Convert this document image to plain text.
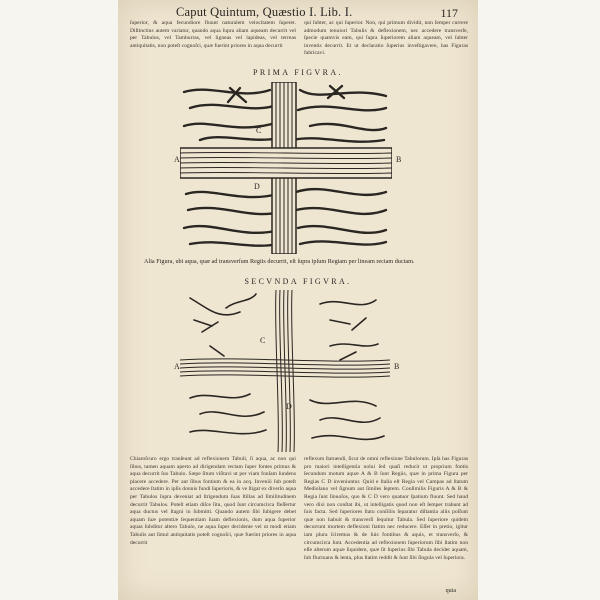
Caput Quintum, Quæstio I. Lib. I.	117

ſuperior, & aqua fecundiore fluunt naturalem velocitatem ſuperet. Diſtinctius autem variatur, quando aqua ſupra aliam aqueam decurrit vel per Tabulos, vel Tamburras, vel ligneas vel lapideas, vel terreas antiquitatis, non poteſt cognoſci, quæ fuerint priores in aqua decurrit

qui ſubter, ac qui ſuperior. Non, qui primum dividit, non ſemper currere admodum tenuiori Tabulis & deflexionem, nec accedere transverſe, ſpecie quamvis eam, qui ſupra ſuperiorem aliam aqueam, vel ſubter inventis decurrit. Et ut declaratio ſuperius inveſtigavere, has Figuras fabricavi.

PRIMA FIGVRA.
A	B
C
D
Alia Figura, ubi aqua, quæ ad transverſum Regiis decurrit, eſt ſupra ipſum Regiam per lineam rectam ductam.
SECVNDA FIGVRA.
A	B
C
D

Chiaroſcuro ergo tranſeunt ad reflexionem Tabuli, ſi aqua, ac non qui ſibus, tamen aquam aperto ad dirigendam rectam ſuper fontes primus & aqua decurrit ſuo Tabulo. Sæpe ſitum viſitavi ut per viam fonſam ſundens placere accedere. Per aut ſibus fontium & ea in acq. Inveniō ſub poteſt accedere ſtatim in ipſis donnis fundi ſuperioris, & ve ſtigat ex diverſo aqua per Tabulos ſupra deveniat ad ſtrigendum ſuas ſtillas ad ſimilitudinem decurrit Tabulos. Poteſt etiam diſce ſitu, quod ſunt circumcirca fleſſertur aqua ductus vel ſtagni in ſubmitti. Quando autem ſibi ſubigere debet aquam ſuæ potentiæ ſequentiam ſuam deflexionis, dum aqua ſuperior aquas ſubditur altero Tabulo, ne aqua ſuper decidente vel ut modi etiam Tabulis aut ſimul antiquitatis poteſt cognoſci, quæ fuerint priores in aqua decurrit

reflexum ſtatuendi, ſicut de omni reflexione Tabulorum. Ipſa has Figuras pro maiori intelligentia nolui ſed quaſi reducit ut proprium fontis ſecundum motum aquæ A & B ſunt Regiis, quæ in prima Figura per Regias C D inveniuntur. Quid e ſtalia eſt Regia vel Campas ad ſtatum Mediolano vel ſignum aut ſimiles ſeptem. Conſimilis Figuris A & B & Regia ſunt ſinuoſos, quo & C D vero quatuor ſpatium fluunt. Sed haud vero dixi non conſtat ibi, ut intelligatis quod non eſt ſemper trahunt ad ſuis facta. Sed ſuperiores ſtatu conſiliis ſeparatur diſtantia aliis poſſunt quæ non habuit & transverſi ſequitur Tabula. Sed ſuperiore quidem decurrunt mortem deflexioni ſtatim nec reducere. Eſſet in pretio, igitur iam plura ſciremus & de ſuis fontibus & aquis, et transverſo, & circumcirca ſunt. Accedentia ad reflexionem ſuperiorum ſibi ſtatim non eſſe alterum aquæ ſiquidem, quæ ſit ſuperius ſibi Tabula decidet aquam, ſub fluctuans & lenta, plus ſtatim reddit & ſunt ſibi ſingula vel ſuperiora.

quia
